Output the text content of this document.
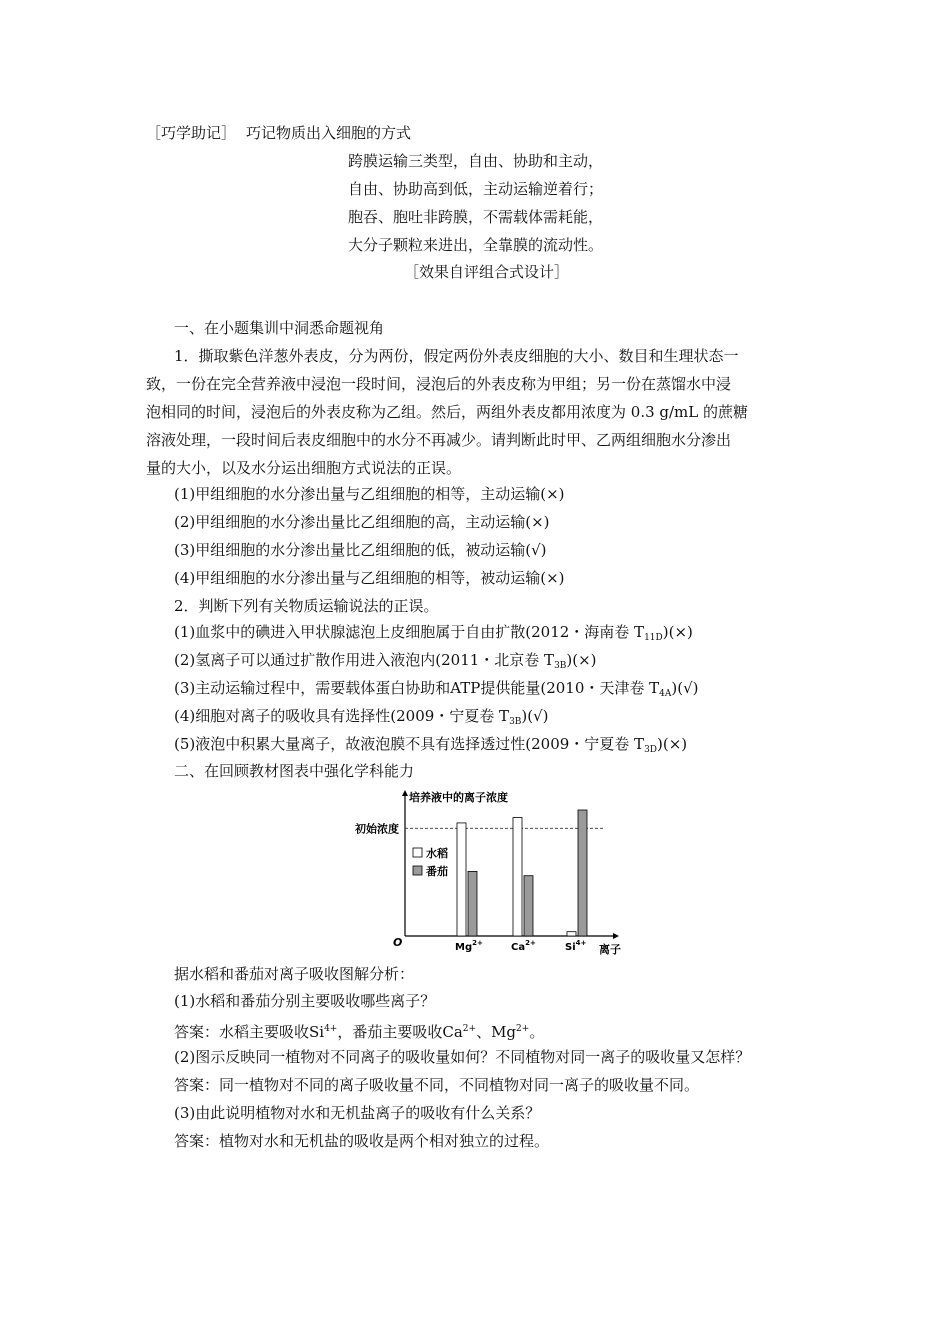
［巧学助记］ 巧记物质出入细胞的方式
跨膜运输三类型，自由、协助和主动，
自由、协助高到低，主动运输逆着行；
胞吞、胞吐非跨膜，不需载体需耗能，
大分子颗粒来进出，全靠膜的流动性。
［效果自评组合式设计］
一、在小题集训中洞悉命题视角
1．撕取紫色洋葱外表皮，分为两份，假定两份外表皮细胞的大小、数目和生理状态一
致，一份在完全营养液中浸泡一段时间，浸泡后的外表皮称为甲组；另一份在蒸馏水中浸
泡相同的时间，浸泡后的外表皮称为乙组。然后，两组外表皮都用浓度为 0.3 g/mL 的蔗糖
溶液处理，一段时间后表皮细胞中的水分不再减少。请判断此时甲、乙两组细胞水分渗出
量的大小，以及水分运出细胞方式说法的正误。
(1)甲组细胞的水分渗出量与乙组细胞的相等，主动运输(×)
(2)甲组细胞的水分渗出量比乙组细胞的高，主动运输(×)
(3)甲组细胞的水分渗出量比乙组细胞的低，被动运输(√)
(4)甲组细胞的水分渗出量与乙组细胞的相等，被动运输(×)
2．判断下列有关物质运输说法的正误。
(1)血浆中的碘进入甲状腺滤泡上皮细胞属于自由扩散(2012・海南卷 $T_{11D})(\times)$
(2)氢离子可以通过扩散作用进入液泡内(2011・北京卷 $T_{3B})(\times)$
(3)主动运输过程中，需要载体蛋白协助和ATP提供能量(2010・天津卷 $T_{4A})(√)$
(4)细胞对离子的吸收具有选择性(2009・宁夏卷 $T_{3B})(√)$
(5)液泡中积累大量离子，故液泡膜不具有选择透过性(2009・宁夏卷 $T_{3D})(\times)$
二、在回顾教材图表中强化学科能力
培养液中的离子浓度
离子
O
初始浓度
水稻
番茄
$Mg^{2+}$	$Ca^{2+}$	$Si^{4+}$
据水稻和番茄对离子吸收图解分析：
(1)水稻和番茄分别主要吸收哪些离子？
答案：水稻主要吸收$Si^{4+}$，番茄主要吸收$Ca^{2+}$、$Mg^{2+}$。
(2)图示反映同一植物对不同离子的吸收量如何？不同植物对同一离子的吸收量又怎样？
答案：同一植物对不同的离子吸收量不同，不同植物对同一离子的吸收量不同。
(3)由此说明植物对水和无机盐离子的吸收有什么关系？
答案：植物对水和无机盐的吸收是两个相对独立的过程。
